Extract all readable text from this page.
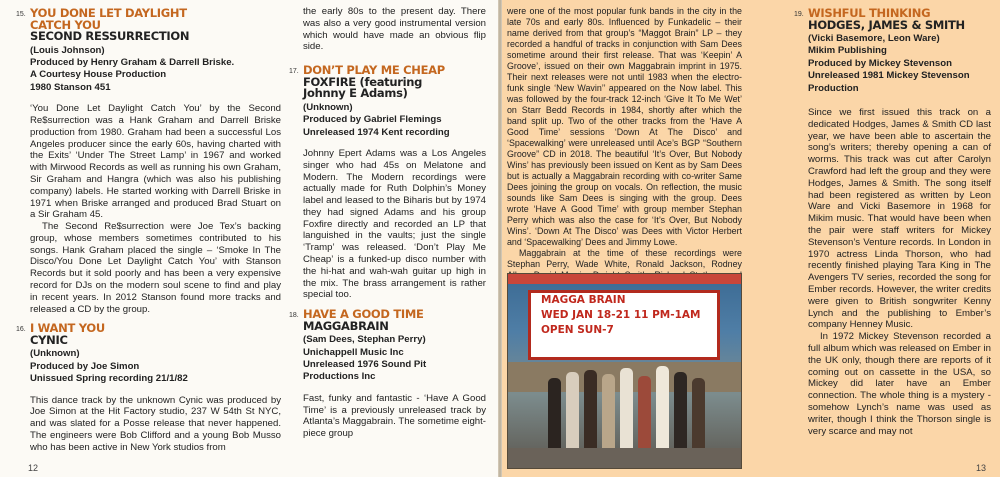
15. YOU DONE LET DAYLIGHT
CATCH YOU
SECOND RESSURRECTION
(Louis Johnson)
Produced by Henry Graham & Darrell Briske.
A Courtesy House Production
1980 Stanson 451

‘You Done Let Daylight Catch You’ by the Second Re$surrection was a Hank Graham and Darrell Briske production from 1980. Graham had been a successful Los Angeles producer since the early 60s, having charted with the Exits’ ‘Under The Street Lamp’ in 1967 and worked with Mirwood Records as well as running his own Graham, Sir Graham and Hangra (which was also his publishing company) labels. He started working with Darrell Briske in 1971 when Briske arranged and produced Brad Stuart on a Sir Graham 45.

The Second Re$surrection were Joe Tex’s backing group, whose members sometimes contributed to his songs. Hank Graham placed the single – ‘Smoke In The Disco/You Done Let Daylight Catch You’ with Stanson Records but it sold poorly and has been a very expensive record for DJs on the modern soul scene to find and play in recent years. In 2012 Stanson found more tracks and released a CD by the group.

16. I WANT YOU
CYNIC
(Unknown)
Produced by Joe Simon
Unissued Spring recording 21/1/82

This dance track by the unknown Cynic was produced by Joe Simon at the Hit Factory studio, 237 W 54th St NYC, and was slated for a Posse release that never happened. The engineers were Bob Clifford and a young Bob Musso who has been active in New York studios from

the early 80s to the present day. There was also a very good instrumental version which would have made an obvious flip side.

17. DON’T PLAY ME CHEAP
FOXFIRE (featuring
Johnny E Adams)
(Unknown)
Produced by Gabriel Flemings
Unreleased 1974 Kent recording

Johnny Epert Adams was a Los Angeles singer who had 45s on Melatone and Modern. The Modern recordings were actually made for Ruth Dolphin’s Money label and leased to the Biharis but by 1974 they had signed Adams and his group Foxfire directly and recorded an LP that languished in the vaults; just the single ‘Tramp’ was released. ‘Don’t Play Me Cheap’ is a funked-up disco number with the hi-hat and wah-wah guitar up high in the mix. The brass arrangement is rather special too.

18. HAVE A GOOD TIME
MAGGABRAIN
(Sam Dees, Stephan Perry)
Unichappell Music Inc
Unreleased 1976 Sound Pit
Productions Inc

Fast, funky and fantastic - ‘Have A Good Time’ is a previously unreleased track by Atlanta’s Maggabrain. The sometime eight-piece group

12

were one of the most popular funk bands in the city in the late 70s and early 80s. Influenced by Funkadelic – their name derived from that group’s “Maggot Brain” LP – they recorded a handful of tracks in conjunction with Sam Dees sometime around their first release. That was ‘Keepin’ A Groove’, issued on their own Maggabrain imprint in 1975. Their next releases were not until 1983 when the electro-funk single ‘New Wavin’’ appeared on the Now label. This was followed by the four-track 12-inch ‘Give It To Me Wet’ on Starr Bedd Records in 1984, shortly after which the band split up. Two of the other tracks from the ‘Have A Good Time’ sessions ‘Down At The Disco’ and ‘Spacewalking’ were unreleased until Ace’s BGP “Southern Groove” CD in 2018. The beautiful ‘It’s Over, But Nobody Wins’ has previously been issued on Kent as by Sam Dees but is actually a Maggabrain recording with co-writer Same Dees joining the group on vocals. On reflection, the music sounds like Sam Dees is singing with the group. Dees wrote ‘Have A Good Time’ with group member Stephan Perry which was also the case for ‘It’s Over, But Nobody Wins’. ‘Down At The Disco’ was Dees with Victor Herbert and ‘Spacewalking’ Dees and Jimmy Lowe.

Maggabrain at the time of these recordings were Stephan Perry, Wade White, Ronald Jackson, Rodney

MAGGA BRAIN
WED JAN 18-21 11 PM-1AM
OPEN SUN-7
19. WISHFUL THINKING
HODGES, JAMES & SMITH
(Vicki Basemore, Leon Ware)
Mikim Publishing
Produced by Mickey Stevenson
Unreleased 1981 Mickey Stevenson
Production

Since we first issued this track on a dedicated Hodges, James & Smith CD last year, we have been able to ascertain the song’s writers; thereby opening a can of worms. This track was cut after Carolyn Crawford had left the group and they were Hodges, James & Smith. The song itself had been registered as written by Leon Ware and Vicki Basemore in 1968 for Mikim music. That would have been when the pair were staff writers for Mickey Stevenson’s Venture records. In London in 1970 actress Linda Thorson, who had recently finished playing Tara King in The Avengers TV series, recorded the song for Ember records. However, the writer credits were given to British songwriter Kenny Lynch and the publishing to Ember’s company Henney Music.

In 1972 Mickey Stevenson recorded a full album which was released on Ember in the UK only, though there are reports of it coming out on cassette in the USA, so Mickey did later have an Ember connection. The whole thing is a mystery - somehow Lynch’s name was used as writer, though I think the Thorson single is very scarce and may not

13
